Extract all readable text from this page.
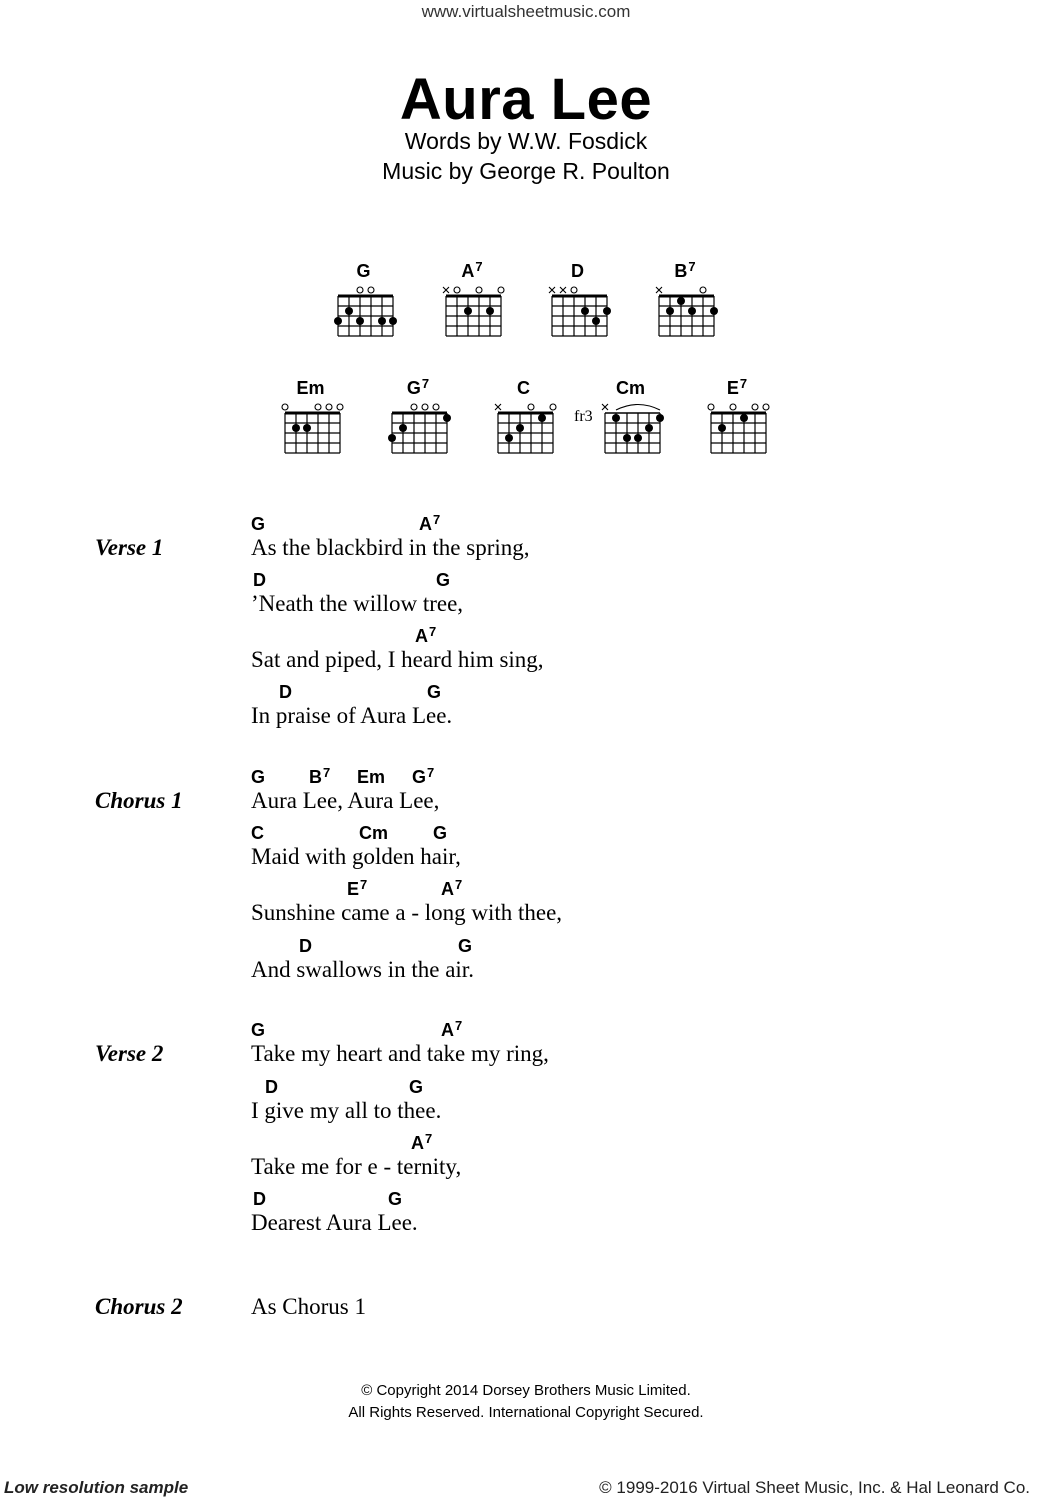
www.virtualsheetmusic.com
Aura Lee
Words by W.W. Fosdick
Music by George R. Poulton
G	$A^7$	D	$B^7$
Em	$G^7$	C	Cm
fr3
$E^7$
Verse 1
G	$A^7$
As the blackbird in the spring,
D	G
’Neath the willow tree,
$A^7$
Sat and piped, I heard him sing,
D	G
In praise of Aura Lee.
Chorus 1
G $B^7$ Em $G^7$
Aura Lee, Aura Lee,
C	Cm G
Maid with golden hair,
$E^7$	$A^7$
Sunshine came a - long with thee,
D	G
And swallows in the air.
Verse 2
G	$A^7$
Take my heart and take my ring,
D	G
I give my all to thee.
$A^7$
Take me for e - ternity,
D	G
Dearest Aura Lee.
Chorus 2	As Chorus 1
© Copyright 2014 Dorsey Brothers Music Limited.
All Rights Reserved. International Copyright Secured.
Low resolution sample	© 1999-2016 Virtual Sheet Music, Inc. & Hal Leonard Co.
